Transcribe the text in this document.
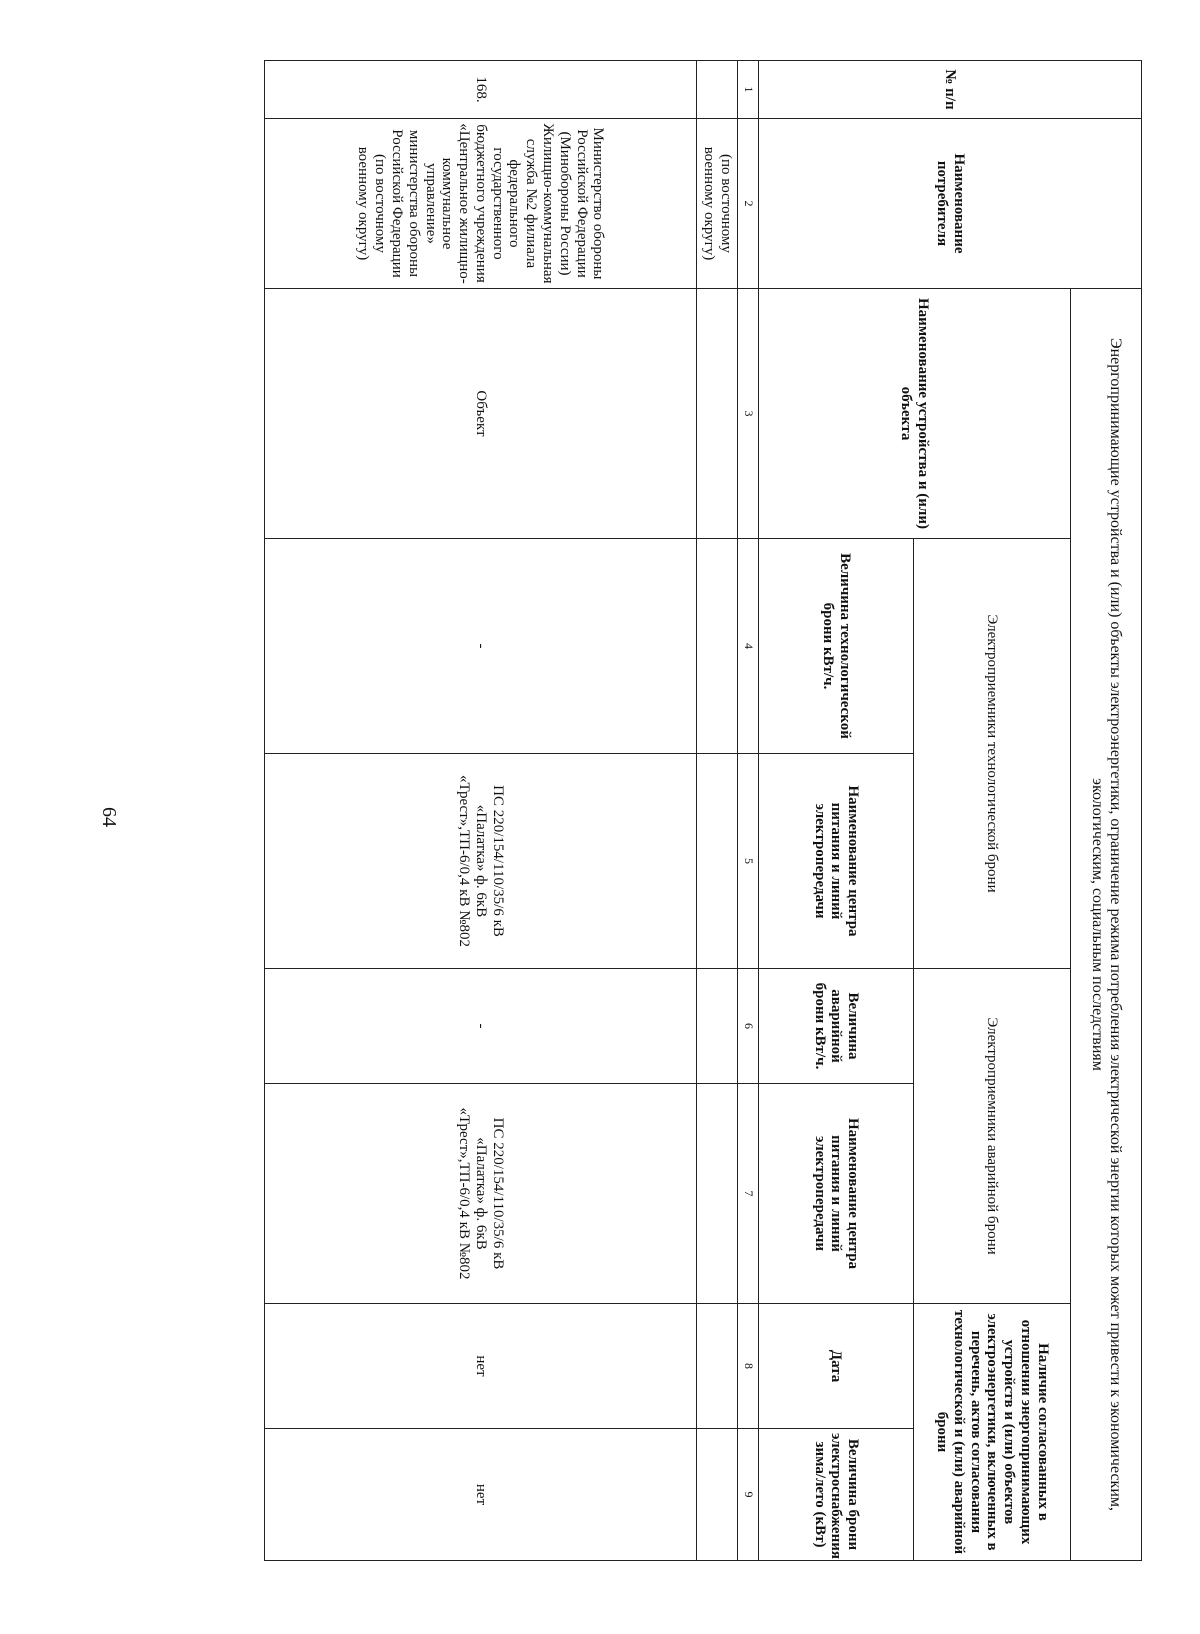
№ п/п	Наименование потребителя	Энергопринимающие устройства и (или) объекты электроэнергетики, ограничение режима потребления электрической энергии которых может привести к экономическим, экологическим, социальным последствиям						
		Наименование устройства и (или) объекта	Электроприемники технологической брони		Электроприемники аварийной брони		Наличие согласованных в отношении энергопринимающих устройств и (или) объектов электроэнергетики, включенных в перечень, актов согласования технологической и (или) аварийной брони	
			Величина технологической брони кВт/ч.	Наименование центра питания и линий электропередачи	Величина аварийной брони кВт/ч.	Наименование центра питания и линий электропередачи	Дата	Величина брони электроснабжения зима/лето (кВт)
1	2	3	4	5	6	7	8	9
	(по восточному военному округу)							
168.	Министерство обороны Российской Федерации (Минобороны России) Жилищно-коммунальная служба №2 филиала федерального государственного бюджетного учреждения «Центральное жилищно-коммунальное управление» министерства обороны Российской Федерации (по восточному военному округу)	Объект	-	ПС 220/154/110/35/6 кВ «Палатка» ф. 6кВ «Трест»,ТП-6/0,4 кВ №802	-	ПС 220/154/110/35/6 кВ «Палатка» ф. 6кВ «Трест»,ТП-6/0,4 кВ №802	нет	нет
64
